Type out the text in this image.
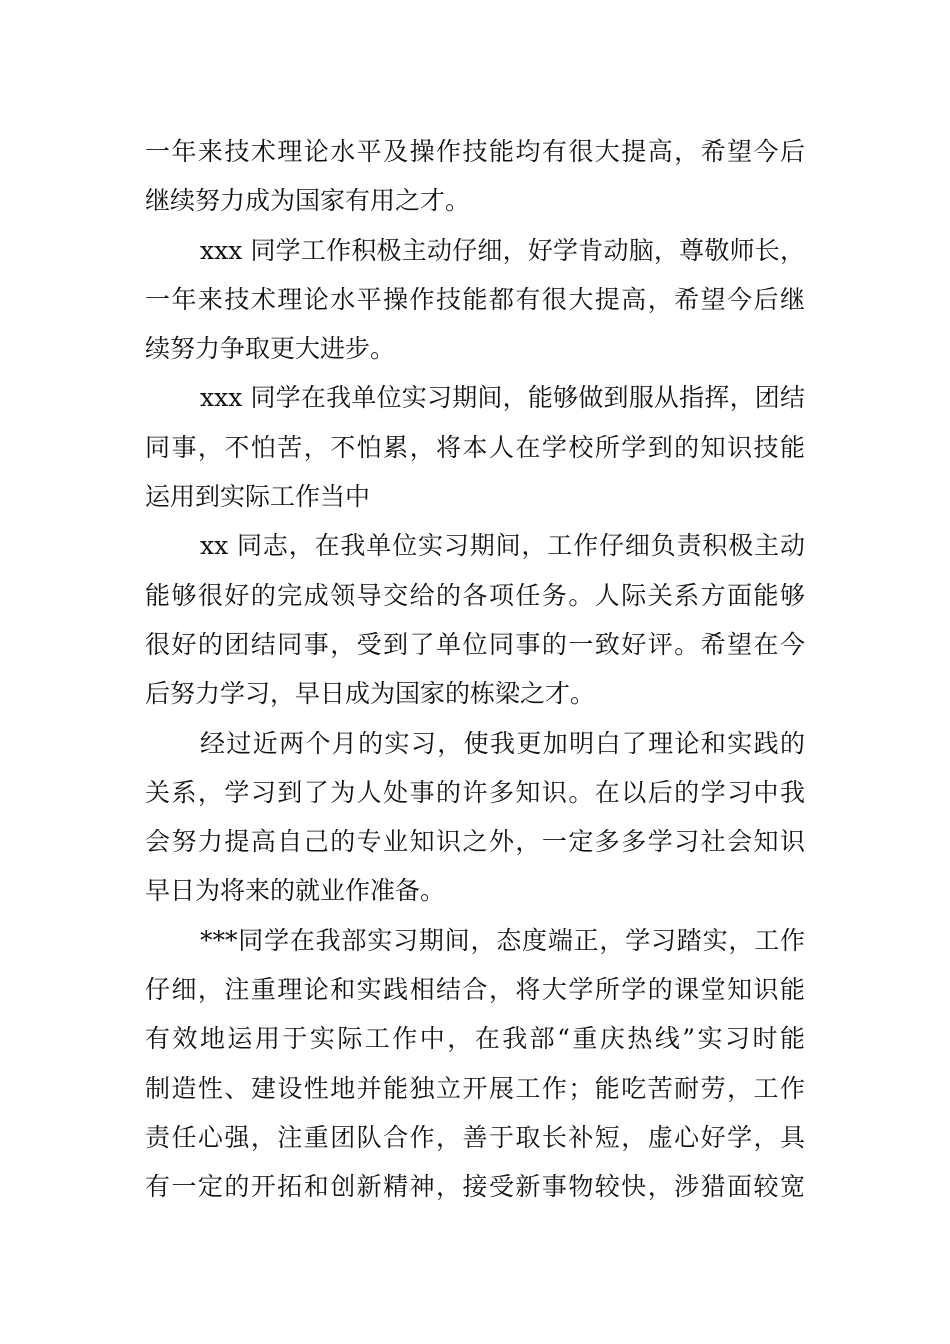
一年来技术理论水平及操作技能均有很大提高，希望今后
继续努力成为国家有用之才。
xxx 同学工作积极主动仔细，好学肯动脑，尊敬师长，
一年来技术理论水平操作技能都有很大提高，希望今后继
续努力争取更大进步。
xxx 同学在我单位实习期间，能够做到服从指挥，团结
同事，不怕苦，不怕累，将本人在学校所学到的知识技能
运用到实际工作当中
xx 同志，在我单位实习期间，工作仔细负责积极主动
能够很好的完成领导交给的各项任务。人际关系方面能够
很好的团结同事，受到了单位同事的一致好评。希望在今
后努力学习，早日成为国家的栋梁之才。
经过近两个月的实习，使我更加明白了理论和实践的
关系，学习到了为人处事的许多知识。在以后的学习中我
会努力提高自己的专业知识之外，一定多多学习社会知识
早日为将来的就业作准备。
***同学在我部实习期间，态度端正，学习踏实，工作
仔细，注重理论和实践相结合，将大学所学的课堂知识能
有效地运用于实际工作中，在我部“重庆热线”实习时能
制造性、建设性地并能独立开展工作；能吃苦耐劳，工作
责任心强，注重团队合作，善于取长补短，虚心好学，具
有一定的开拓和创新精神，接受新事物较快，涉猎面较宽
